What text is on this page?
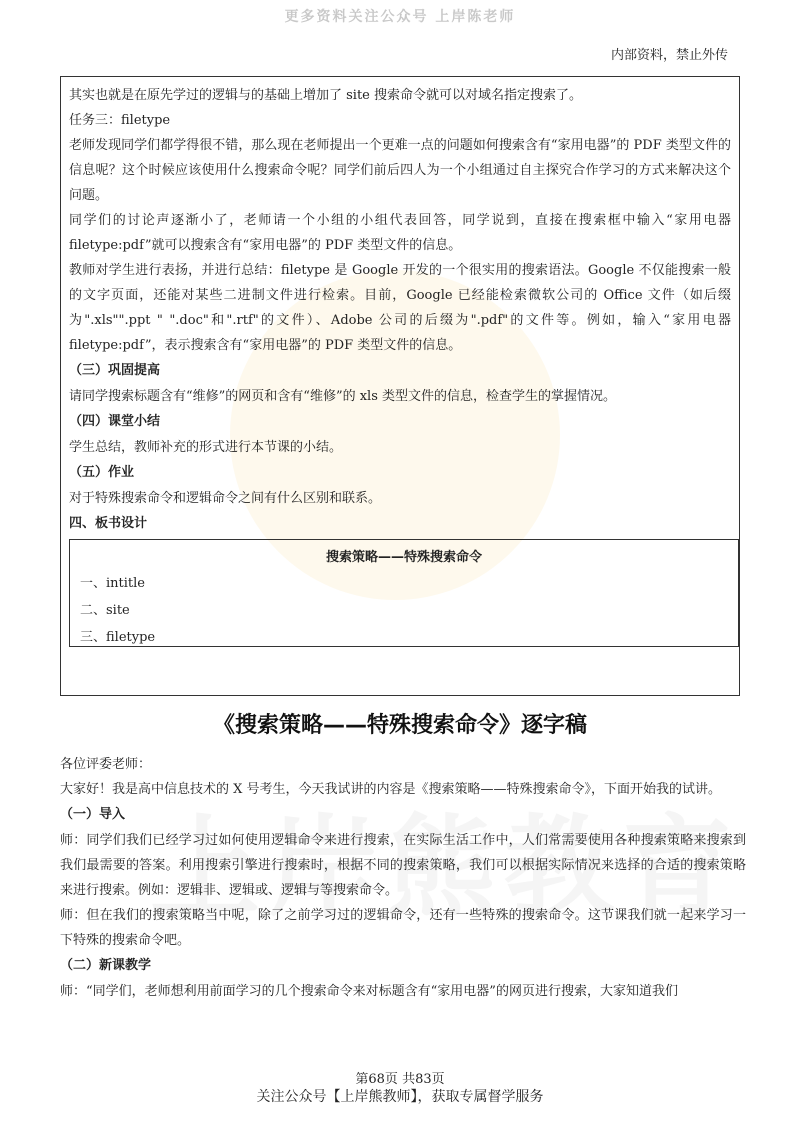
更多资料关注公众号 上岸陈老师
内部资料，禁止外传

其实也就是在原先学过的逻辑与的基础上增加了 site 搜索命令就可以对域名指定搜索了。

任务三：filetype

老师发现同学们都学得很不错，那么现在老师提出一个更难一点的问题如何搜索含有“家用电器”的 PDF 类型文件的信息呢？这个时候应该使用什么搜索命令呢？同学们前后四人为一个小组通过自主探究合作学习的方式来解决这个问题。

同学们的讨论声逐渐小了，老师请一个小组的小组代表回答，同学说到，直接在搜索框中输入“家用电器 filetype:pdf”就可以搜索含有“家用电器”的 PDF 类型文件的信息。

教师对学生进行表扬，并进行总结：filetype 是 Google 开发的一个很实用的搜索语法。Google 不仅能搜索一般的文字页面，还能对某些二进制文件进行检索。目前，Google 已经能检索微软公司的 Office 文件（如后缀为".xls"".ppt " ".doc"和".rtf"的文件）、Adobe 公司的后缀为".pdf"的文件等。例如，输入“家用电器 filetype:pdf”，表示搜索含有“家用电器”的 PDF 类型文件的信息。

（三）巩固提高

请同学搜索标题含有“维修”的网页和含有“维修”的 xls 类型文件的信息，检查学生的掌握情况。

（四）课堂小结

学生总结，教师补充的形式进行本节课的小结。

（五）作业

对于特殊搜索命令和逻辑命令之间有什么区别和联系。

四、板书设计

搜索策略——特殊搜索命令
一、intitle
二、site
三、filetype
《搜索策略——特殊搜索命令》逐字稿

各位评委老师：

大家好！我是高中信息技术的 X 号考生，今天我试讲的内容是《搜索策略——特殊搜索命令》，下面开始我的试讲。

（一）导入

师：同学们我们已经学习过如何使用逻辑命令来进行搜索，在实际生活工作中，人们常需要使用各种搜索策略来搜索到我们最需要的答案。利用搜索引擎进行搜索时，根据不同的搜索策略，我们可以根据实际情况来选择的合适的搜索策略来进行搜索。例如：逻辑非、逻辑或、逻辑与等搜索命令。

师：但在我们的搜索策略当中呢，除了之前学习过的逻辑命令，还有一些特殊的搜索命令。这节课我们就一起来学习一下特殊的搜索命令吧。

（二）新课教学

师：“同学们，老师想利用前面学习的几个搜索命令来对标题含有“家用电器”的网页进行搜索，大家知道我们

第68页 共83页
关注公众号【上岸熊教师】，获取专属督学服务
